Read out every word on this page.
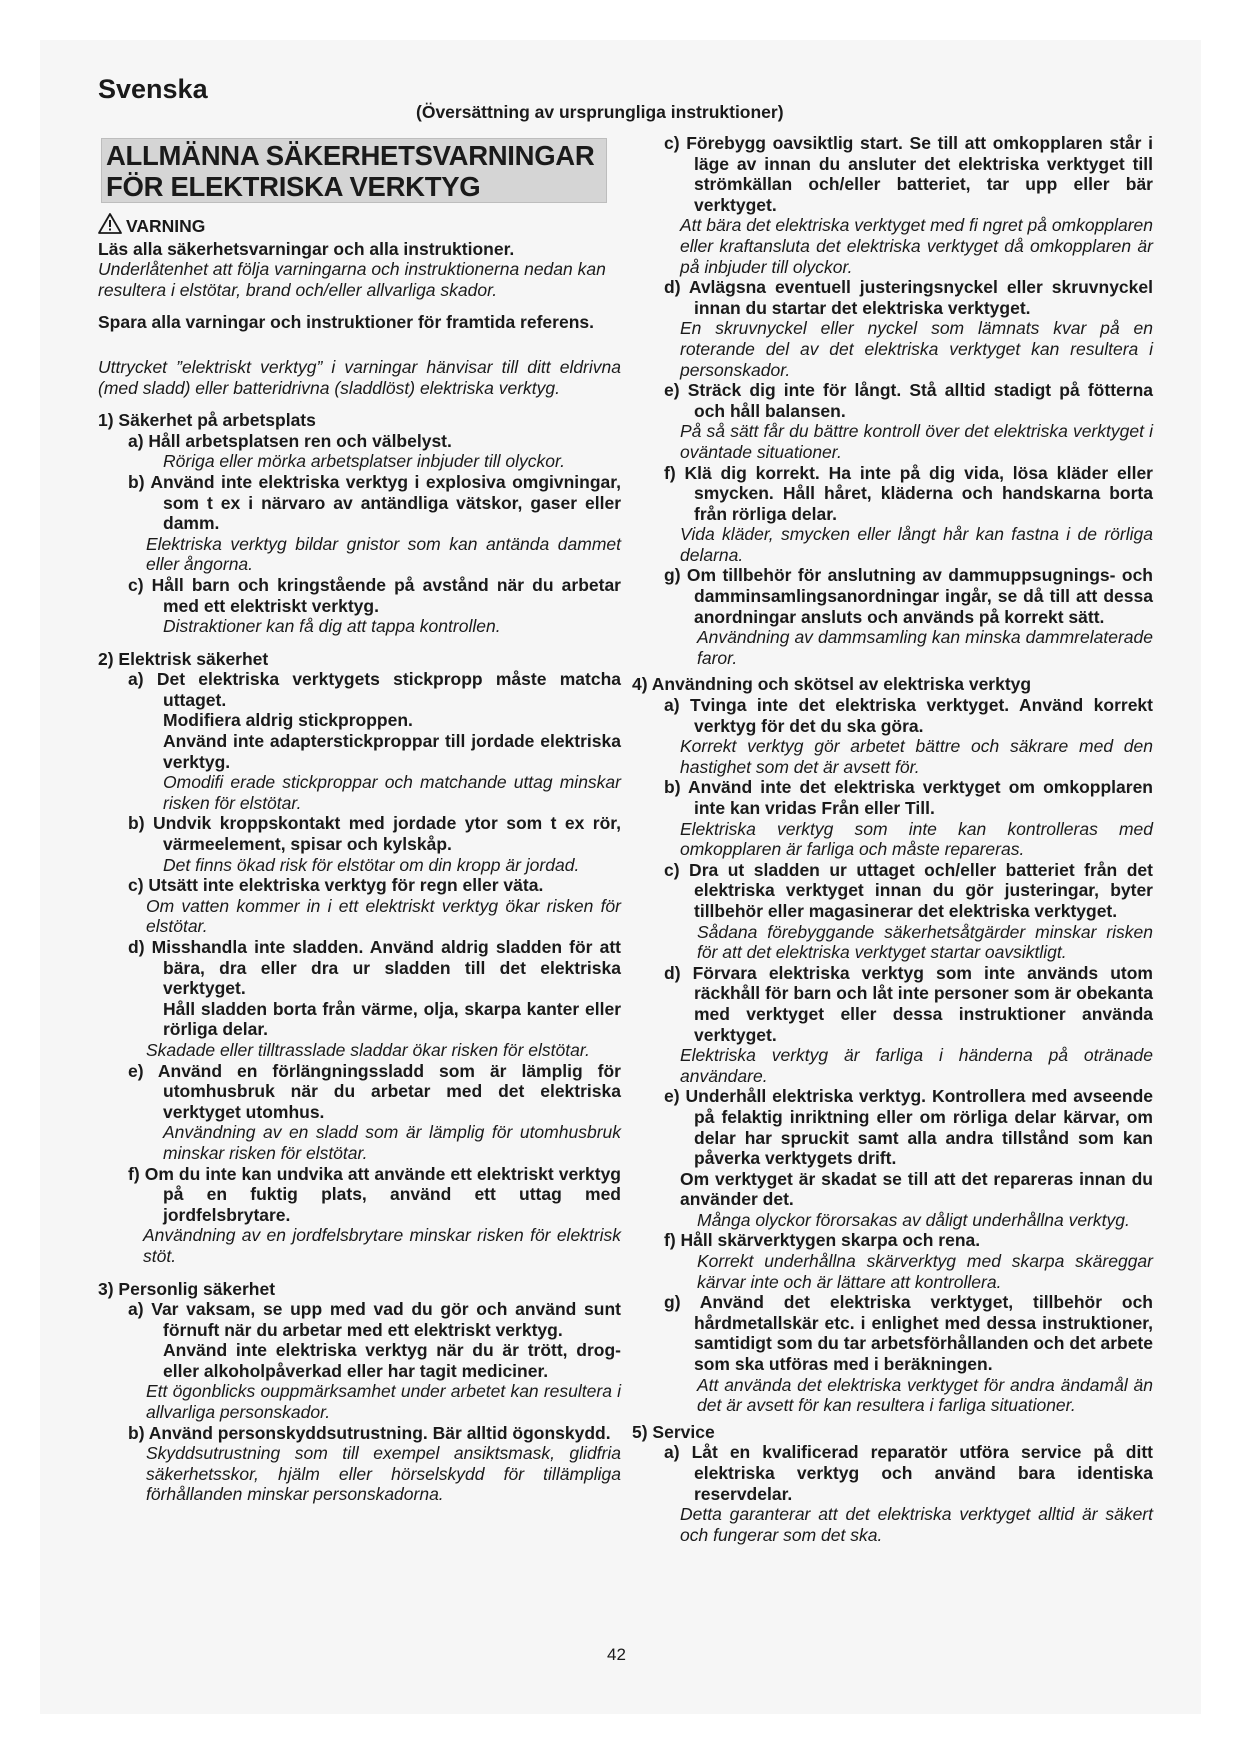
Svenska
(Översättning av ursprungliga instruktioner)
ALLMÄNNA SÄKERHETSVARNINGAR
FÖR ELEKTRISKA VERKTYG
VARNING
Läs alla säkerhetsvarningar och alla instruktioner.
Underlåtenhet att följa varningarna och instruktionerna nedan kan resultera i elstötar, brand och/eller allvarliga skador.
Spara alla varningar och instruktioner för framtida referens.
Uttrycket ”elektriskt verktyg” i varningar hänvisar till ditt eldrivna (med sladd) eller batteridrivna (sladdlöst) elektriska verktyg.
1) Säkerhet på arbetsplats
a) Håll arbetsplatsen ren och välbelyst.
Röriga eller mörka arbetsplatser inbjuder till olyckor.
b) Använd inte elektriska verktyg i explosiva omgivningar, som t ex i närvaro av antändliga vätskor, gaser eller damm.
Elektriska verktyg bildar gnistor som kan antända dammet eller ångorna.
c) Håll barn och kringstående på avstånd när du arbetar med ett elektriskt verktyg.
Distraktioner kan få dig att tappa kontrollen.
2) Elektrisk säkerhet
a) Det elektriska verktygets stickpropp måste matcha uttaget.
Modifiera aldrig stickproppen.
Använd inte adapterstickproppar till jordade elektriska verktyg.
Omodifi erade stickproppar och matchande uttag minskar risken för elstötar.
b) Undvik kroppskontakt med jordade ytor som t ex rör, värmeelement, spisar och kylskåp.
Det finns ökad risk för elstötar om din kropp är jordad.
c) Utsätt inte elektriska verktyg för regn eller väta.
Om vatten kommer in i ett elektriskt verktyg ökar risken för elstötar.
d) Misshandla inte sladden. Använd aldrig sladden för att bära, dra eller dra ur sladden till det elektriska verktyget.
Håll sladden borta från värme, olja, skarpa kanter eller rörliga delar.
Skadade eller tilltrasslade sladdar ökar risken för elstötar.
e) Använd en förlängningssladd som är lämplig för utomhusbruk när du arbetar med det elektriska verktyget utomhus.
Användning av en sladd som är lämplig för utomhusbruk minskar risken för elstötar.
f) Om du inte kan undvika att använde ett elektriskt verktyg på en fuktig plats, använd ett uttag med jordfelsbrytare.
Användning av en jordfelsbrytare minskar risken för elektrisk stöt.
3) Personlig säkerhet
a) Var vaksam, se upp med vad du gör och använd sunt förnuft när du arbetar med ett elektriskt verktyg.
Använd inte elektriska verktyg när du är trött, drog- eller alkoholpåverkad eller har tagit mediciner.
Ett ögonblicks ouppmärksamhet under arbetet kan resultera i allvarliga personskador.
b) Använd personskyddsutrustning. Bär alltid ögonskydd.
Skyddsutrustning som till exempel ansiktsmask, glidfria säkerhetsskor, hjälm eller hörselskydd för tillämpliga förhållanden minskar personskadorna.
c) Förebygg oavsiktlig start. Se till att omkopplaren står i läge av innan du ansluter det elektriska verktyget till strömkällan och/eller batteriet, tar upp eller bär verktyget.
Att bära det elektriska verktyget med fi ngret på omkopplaren eller kraftansluta det elektriska verktyget då omkopplaren är på inbjuder till olyckor.
d) Avlägsna eventuell justeringsnyckel eller skruvnyckel innan du startar det elektriska verktyget.
En skruvnyckel eller nyckel som lämnats kvar på en roterande del av det elektriska verktyget kan resultera i personskador.
e) Sträck dig inte för långt. Stå alltid stadigt på fötterna och håll balansen.
På så sätt får du bättre kontroll över det elektriska verktyget i oväntade situationer.
f) Klä dig korrekt. Ha inte på dig vida, lösa kläder eller smycken. Håll håret, kläderna och handskarna borta från rörliga delar.
Vida kläder, smycken eller långt hår kan fastna i de rörliga delarna.
g) Om tillbehör för anslutning av dammuppsugnings- och damminsamlingsanordningar ingår, se då till att dessa anordningar ansluts och används på korrekt sätt.
Användning av dammsamling kan minska dammrelaterade faror.
4) Användning och skötsel av elektriska verktyg
a) Tvinga inte det elektriska verktyget. Använd korrekt verktyg för det du ska göra.
Korrekt verktyg gör arbetet bättre och säkrare med den hastighet som det är avsett för.
b) Använd inte det elektriska verktyget om omkopplaren inte kan vridas Från eller Till.
Elektriska verktyg som inte kan kontrolleras med omkopplaren är farliga och måste repareras.
c) Dra ut sladden ur uttaget och/eller batteriet från det elektriska verktyget innan du gör justeringar, byter tillbehör eller magasinerar det elektriska verktyget.
Sådana förebyggande säkerhetsåtgärder minskar risken för att det elektriska verktyget startar oavsiktligt.
d) Förvara elektriska verktyg som inte används utom räckhåll för barn och låt inte personer som är obekanta med verktyget eller dessa instruktioner använda verktyget.
Elektriska verktyg är farliga i händerna på otränade användare.
e) Underhåll elektriska verktyg. Kontrollera med avseende på felaktig inriktning eller om rörliga delar kärvar, om delar har spruckit samt alla andra tillstånd som kan påverka verktygets drift.
Om verktyget är skadat se till att det repareras innan du använder det.
Många olyckor förorsakas av dåligt underhållna verktyg.
f) Håll skärverktygen skarpa och rena.
Korrekt underhållna skärverktyg med skarpa skäreggar kärvar inte och är lättare att kontrollera.
g) Använd det elektriska verktyget, tillbehör och hårdmetallskär etc. i enlighet med dessa instruktioner, samtidigt som du tar arbetsförhållanden och det arbete som ska utföras med i beräkningen.
Att använda det elektriska verktyget för andra ändamål än det är avsett för kan resultera i farliga situationer.
5) Service
a) Låt en kvalificerad reparatör utföra service på ditt elektriska verktyg och använd bara identiska reservdelar.
Detta garanterar att det elektriska verktyget alltid är säkert och fungerar som det ska.
42
